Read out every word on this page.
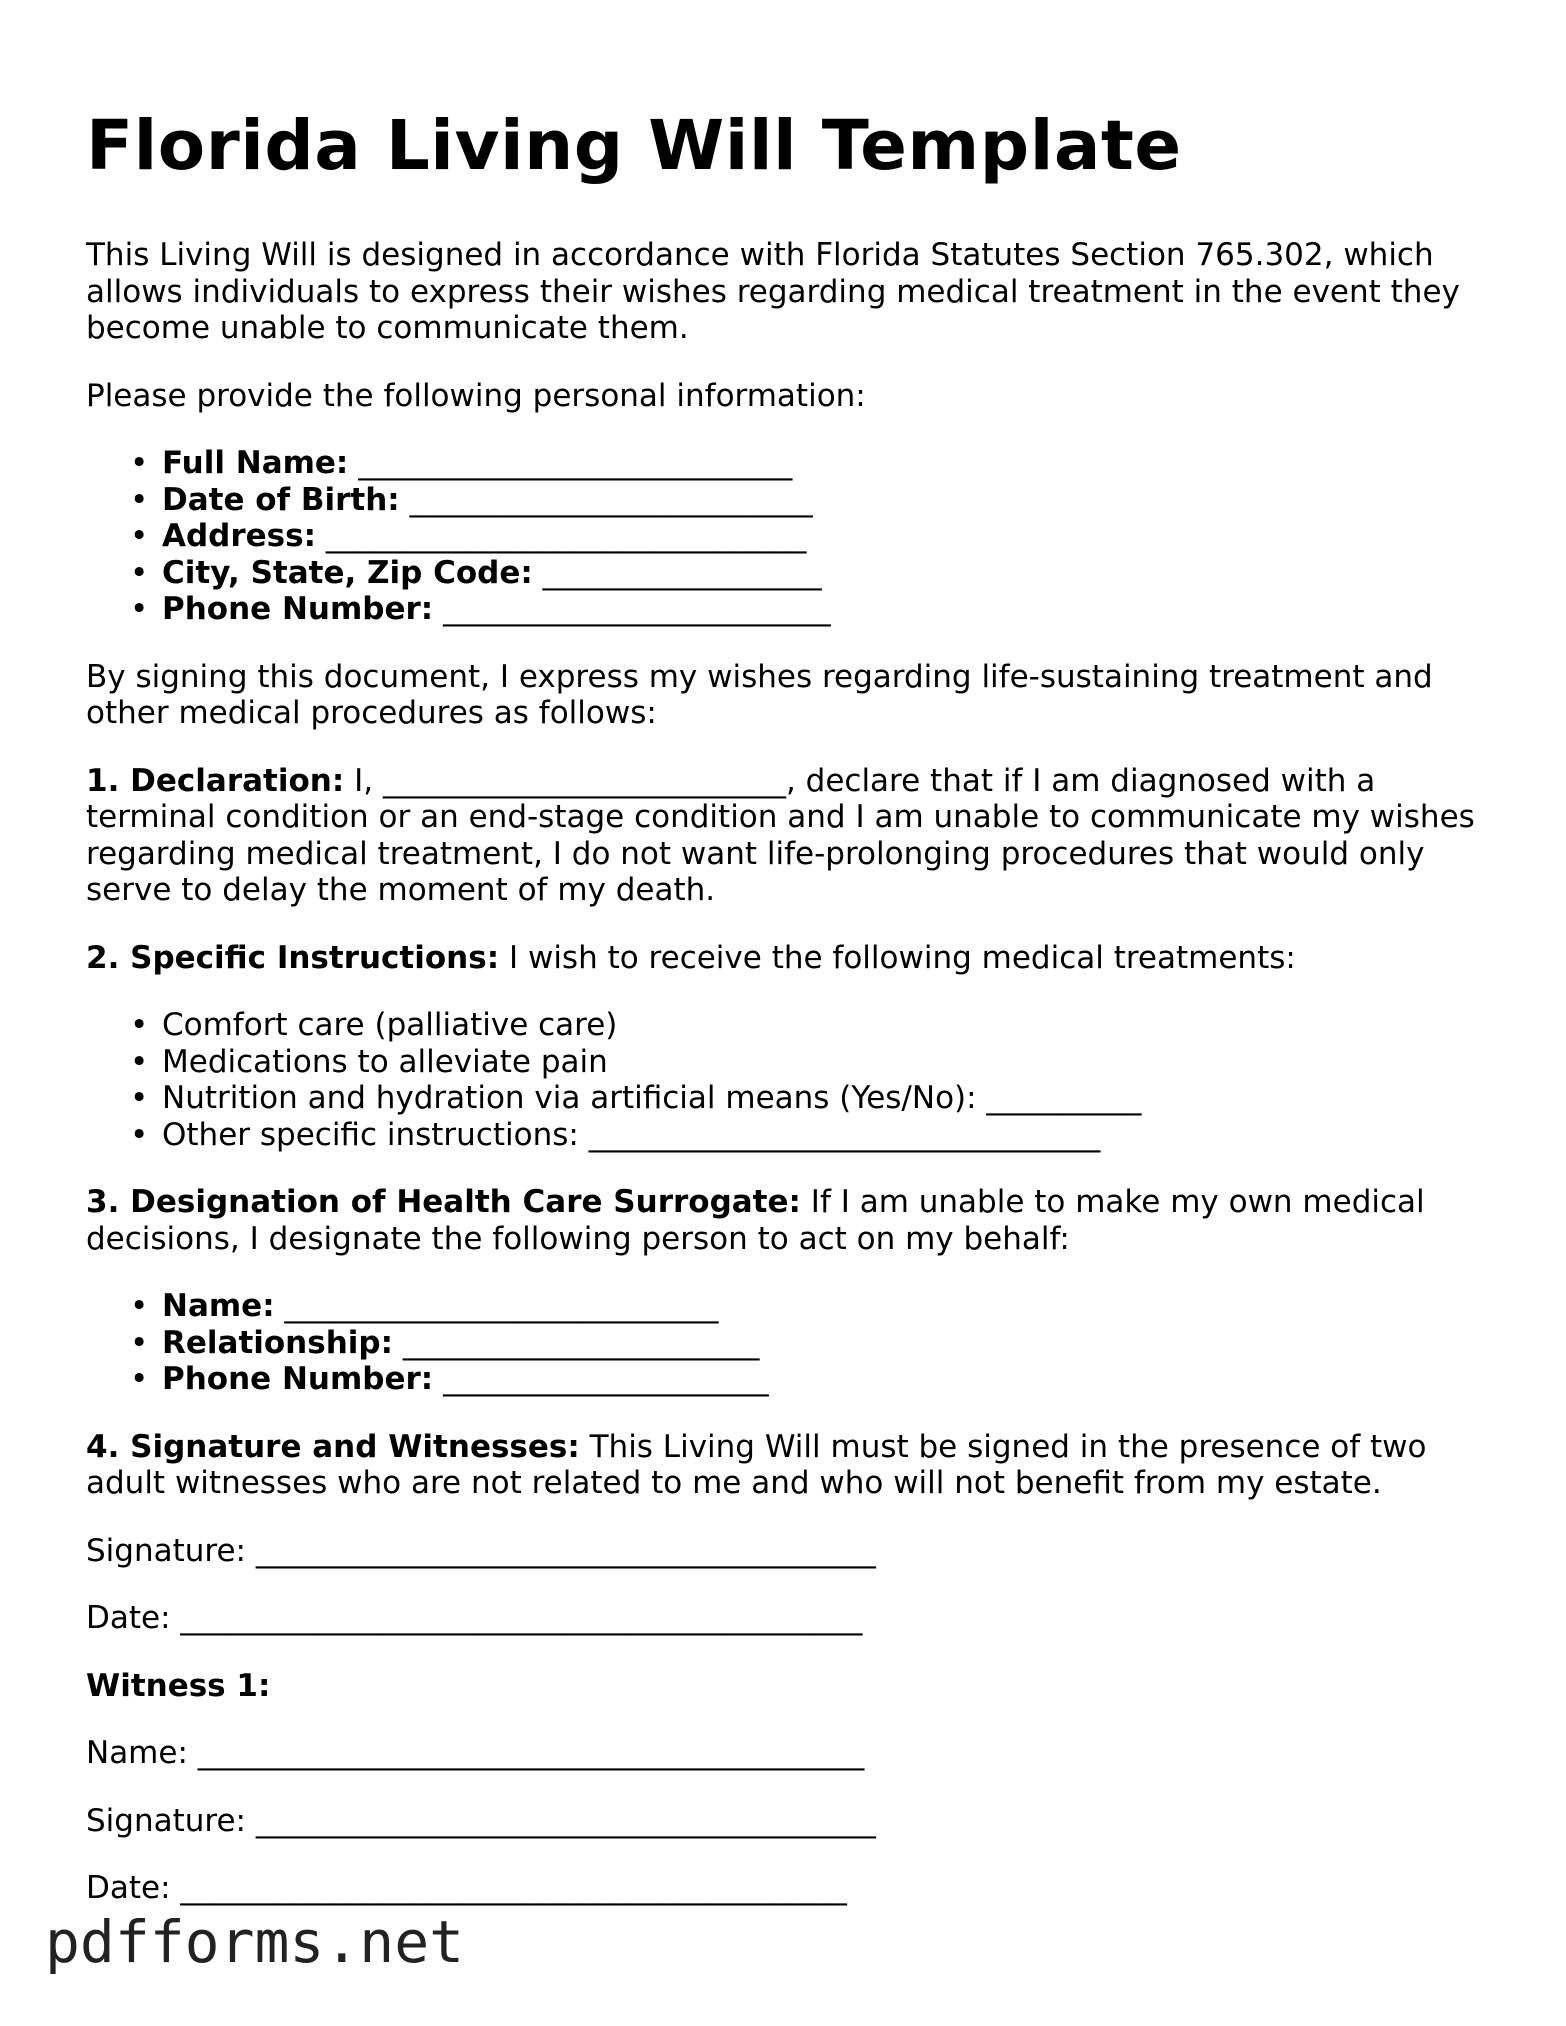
Florida Living Will Template

This Living Will is designed in accordance with Florida Statutes Section 765.302, which allows individuals to express their wishes regarding medical treatment in the event they become unable to communicate them.

Please provide the following personal information:

• Full Name: ____________________________
• Date of Birth: __________________________
• Address: _______________________________
• City, State, Zip Code: __________________
• Phone Number: _________________________

By signing this document, I express my wishes regarding life-sustaining treatment and other medical procedures as follows:

1. Declaration: I, __________________________, declare that if I am diagnosed with a terminal condition or an end-stage condition and I am unable to communicate my wishes regarding medical treatment, I do not want life-prolonging procedures that would only serve to delay the moment of my death.

2. Specific Instructions: I wish to receive the following medical treatments:

• Comfort care (palliative care)
• Medications to alleviate pain
• Nutrition and hydration via artificial means (Yes/No): __________
• Other specific instructions: _________________________________

3. Designation of Health Care Surrogate: If I am unable to make my own medical decisions, I designate the following person to act on my behalf:

• Name: ____________________________
• Relationship: _______________________
• Phone Number: _____________________

4. Signature and Witnesses: This Living Will must be signed in the presence of two adult witnesses who are not related to me and who will not benefit from my estate.

Signature: ________________________________________

Date: ____________________________________________

Witness 1:

Name: ___________________________________________

Signature: ________________________________________

Date: ___________________________________________

pdfforms.net
